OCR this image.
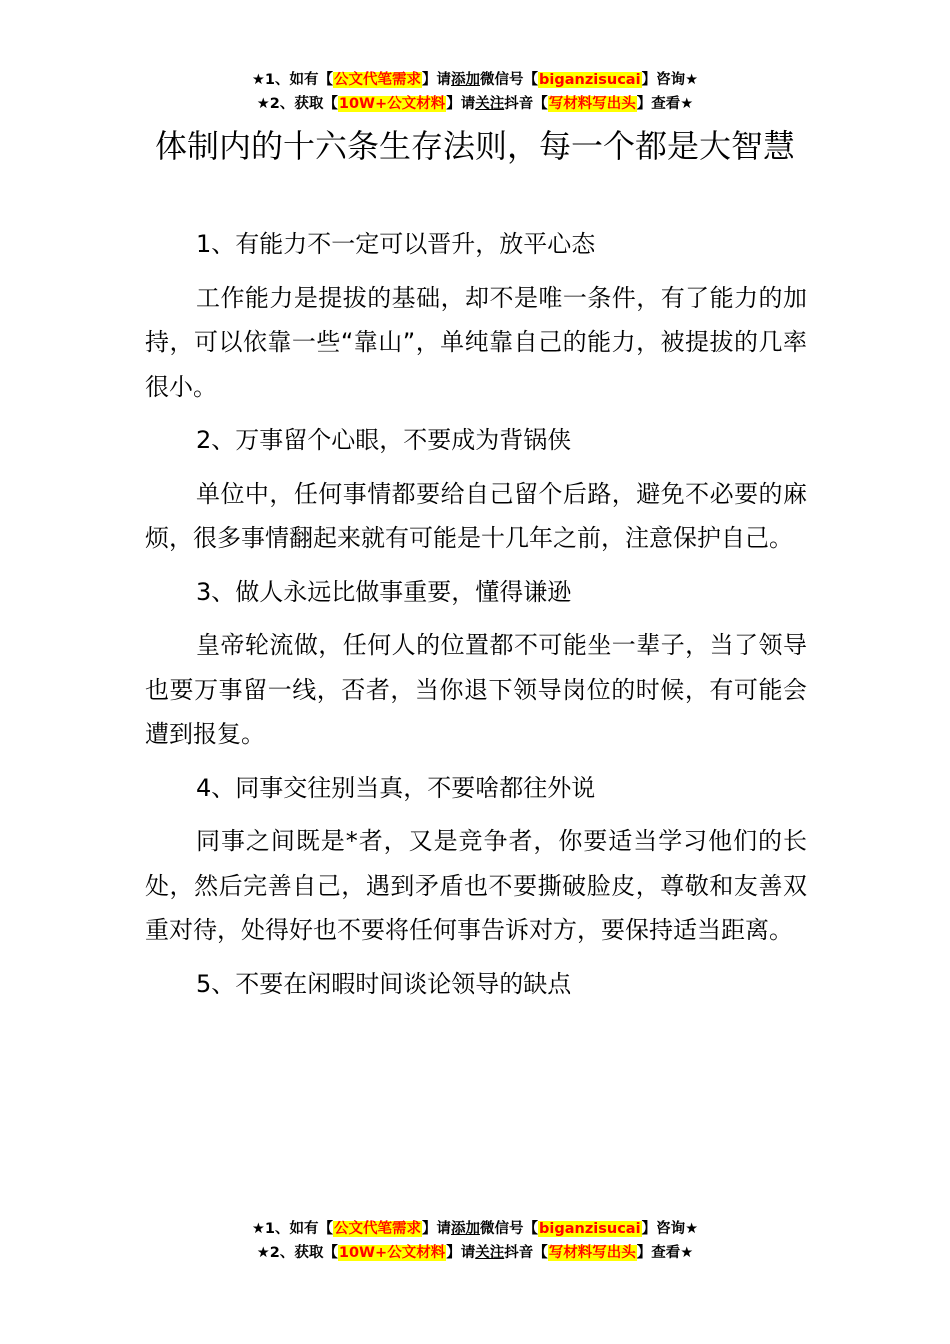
★1、如有【公文代笔需求】请添加微信号【biganzisucai】咨询★
★2、获取【10W+公文材料】请关注抖音【写材料写出头】查看★
体制内的十六条生存法则，每一个都是大智慧

1、有能力不一定可以晋升，放平心态

工作能力是提拔的基础，却不是唯一条件，有了能力的加持，可以依靠一些“靠山”，单纯靠自己的能力，被提拔的几率很小。

2、万事留个心眼，不要成为背锅侠

单位中，任何事情都要给自己留个后路，避免不必要的麻烦，很多事情翻起来就有可能是十几年之前，注意保护自己。

3、做人永远比做事重要，懂得谦逊

皇帝轮流做，任何人的位置都不可能坐一辈子，当了领导也要万事留一线，否者，当你退下领导岗位的时候，有可能会遭到报复。

4、同事交往别当真，不要啥都往外说

同事之间既是*者，又是竞争者，你要适当学习他们的长处，然后完善自己，遇到矛盾也不要撕破脸皮，尊敬和友善双重对待，处得好也不要将任何事告诉对方，要保持适当距离。

5、不要在闲暇时间谈论领导的缺点

★1、如有【公文代笔需求】请添加微信号【biganzisucai】咨询★
★2、获取【10W+公文材料】请关注抖音【写材料写出头】查看★
